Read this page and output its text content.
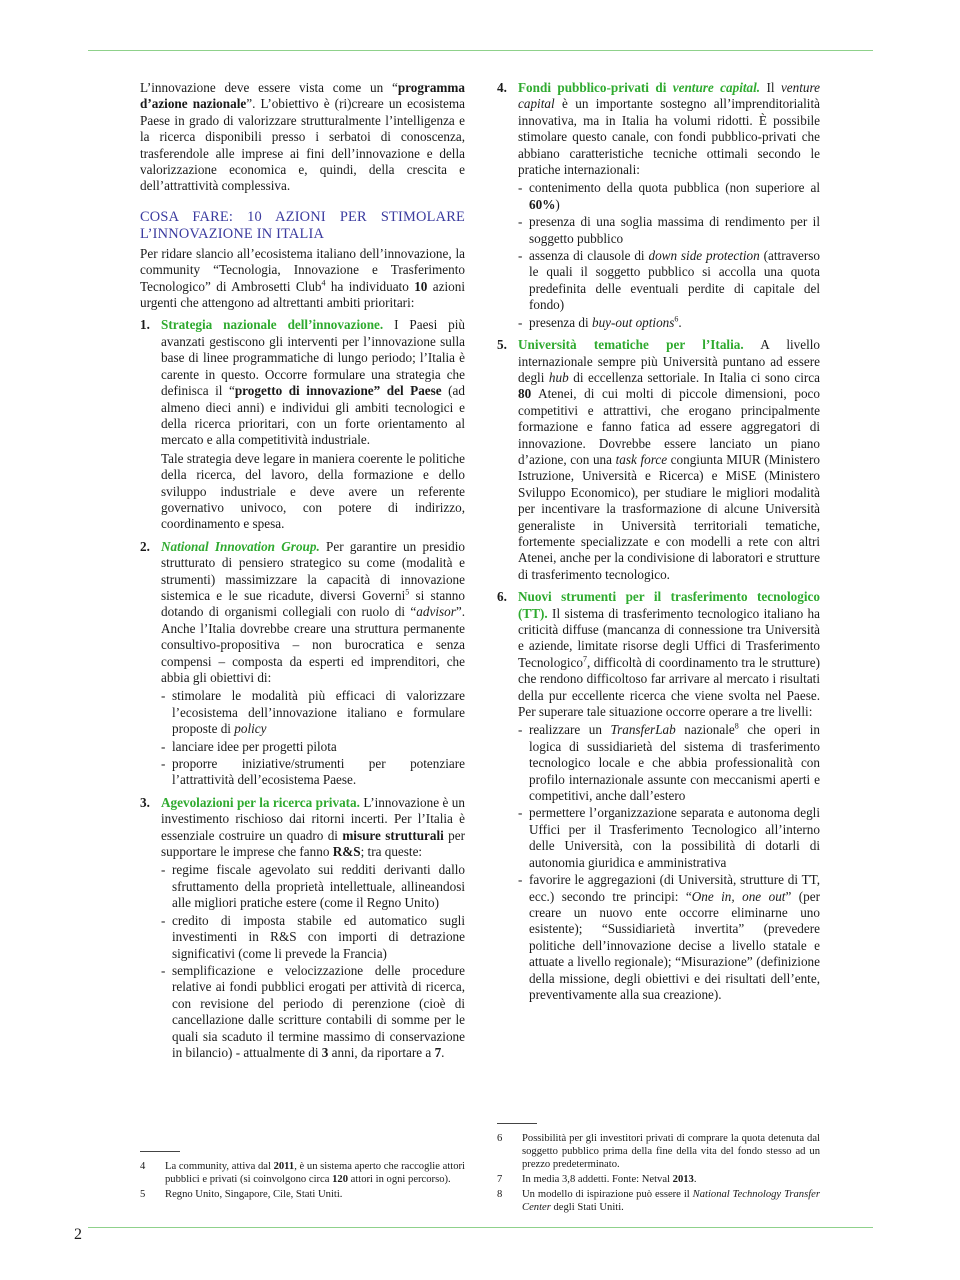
L’innovazione deve essere vista come un “programma d’azione nazionale”. L’obiettivo è (ri)creare un ecosistema Paese in grado di valorizzare strutturalmente l’intelligenza e la ricerca disponibili presso i serbatoi di conoscenza, trasferendole alle imprese ai fini dell’innovazione e della valorizzazione economica e, quindi, della crescita e dell’attrattività complessiva.

COSA FARE: 10 AZIONI PER STIMOLARE L’INNOVAZIONE IN ITALIA

Per ridare slancio all’ecosistema italiano dell’innovazione, la community “Tecnologia, Innovazione e Trasferimento Tecnologico” di Ambrosetti Club$^4$ ha individuato 10 azioni urgenti che attengono ad altrettanti ambiti prioritari:

1. Strategia nazionale dell’innovazione. I Paesi più avanzati gestiscono gli interventi per l’innovazione sulla base di linee programmatiche di lungo periodo; l’Italia è carente in questo. Occorre formulare una strategia che definisca il “progetto di innovazione” del Paese (ad almeno dieci anni) e individui gli ambiti tecnologici e della ricerca prioritari, con un forte orientamento al mercato e alla competitività industriale.

Tale strategia deve legare in maniera coerente le politiche della ricerca, del lavoro, della formazione e dello sviluppo industriale e deve avere un referente governativo univoco, con potere di indirizzo, coordinamento e spesa.

2. National Innovation Group. Per garantire un presidio strutturato di pensiero strategico su come (modalità e strumenti) massimizzare la capacità di innovazione sistemica e le sue ricadute, diversi Governi$^5$ si stanno dotando di organismi collegiali con ruolo di “advisor”. Anche l’Italia dovrebbe creare una struttura permanente consultivo-propositiva – non burocratica e senza compensi – composta da esperti ed imprenditori, che abbia gli obiettivi di:

- stimolare le modalità più efficaci di valorizzare l’ecosistema dell’innovazione italiano e formulare proposte di policy
- lanciare idee per progetti pilota
- proporre iniziative/strumenti per potenziare l’attrattività dell’ecosistema Paese.
3. Agevolazioni per la ricerca privata. L’innovazione è un investimento rischioso dai ritorni incerti. Per l’Italia è essenziale costruire un quadro di misure strutturali per supportare le imprese che fanno R&S; tra queste:

- regime fiscale agevolato sui redditi derivanti dallo sfruttamento della proprietà intellettuale, allineandosi alle migliori pratiche estere (come il Regno Unito)
- credito di imposta stabile ed automatico sugli investimenti in R&S con importi di detrazione significativi (come li prevede la Francia)
- semplificazione e velocizzazione delle procedure relative ai fondi pubblici erogati per attività di ricerca, con revisione del periodo di perenzione (cioè di cancellazione dalle scritture contabili di somme per le quali sia scaduto il termine massimo di conservazione in bilancio) - attualmente di 3 anni, da riportare a 7.
4. Fondi pubblico-privati di venture capital. Il venture capital è un importante sostegno all’imprenditorialità innovativa, ma in Italia ha volumi ridotti. È possibile stimolare questo canale, con fondi pubblico-privati che abbiano caratteristiche tecniche ottimali secondo le pratiche internazionali:

- contenimento della quota pubblica (non superiore al 60%)
- presenza di una soglia massima di rendimento per il soggetto pubblico
- assenza di clausole di down side protection (attraverso le quali il soggetto pubblico si accolla una quota predefinita delle eventuali perdite di capitale del fondo)
- presenza di buy-out options$^6$.
5. Università tematiche per l’Italia. A livello internazionale sempre più Università puntano ad essere degli hub di eccellenza settoriale. In Italia ci sono circa 80 Atenei, di cui molti di piccole dimensioni, poco competitivi e attrattivi, che erogano principalmente formazione e fanno fatica ad essere aggregatori di innovazione. Dovrebbe essere lanciato un piano d’azione, con una task force congiunta MIUR (Ministero Istruzione, Università e Ricerca) e MiSE (Ministero Sviluppo Economico), per studiare le migliori modalità per incentivare la trasformazione di alcune Università generaliste in Università territoriali tematiche, fortemente specializzate e con modelli a rete con altri Atenei, anche per la condivisione di laboratori e strutture di trasferimento tecnologico.

6. Nuovi strumenti per il trasferimento tecnologico (TT). Il sistema di trasferimento tecnologico italiano ha criticità diffuse (mancanza di connessione tra Università e aziende, limitate risorse degli Uffici di Trasferimento Tecnologico$^7$, difficoltà di coordinamento tra le strutture) che rendono difficoltoso far arrivare al mercato i risultati della pur eccellente ricerca che viene svolta nel Paese. Per superare tale situazione occorre operare a tre livelli:

- realizzare un TransferLab nazionale$^8$ che operi in logica di sussidiarietà del sistema di trasferimento tecnologico locale e che abbia professionalità con profilo internazionale assunte con meccanismi aperti e competitivi, anche dall’estero
- permettere l’organizzazione separata e autonoma degli Uffici per il Trasferimento Tecnologico all’interno delle Università, con la possibilità di dotarli di autonomia giuridica e amministrativa
- favorire le aggregazioni (di Università, strutture di TT, ecc.) secondo tre principi: “One in, one out” (per creare un nuovo ente occorre eliminarne uno esistente); “Sussidiarietà invertita” (prevedere politiche dell’innovazione decise a livello statale e attuate a livello regionale); “Misurazione” (definizione della missione, degli obiettivi e dei risultati dell’ente, preventivamente alla sua creazione).
4 La community, attiva dal 2011, è un sistema aperto che raccoglie attori pubblici e privati (si coinvolgono circa 120 attori in ogni percorso).
5 Regno Unito, Singapore, Cile, Stati Uniti.
6 Possibilità per gli investitori privati di comprare la quota detenuta dal soggetto pubblico prima della fine della vita del fondo stesso ad un prezzo predeterminato.
7 In media 3,8 addetti. Fonte: Netval 2013.
8 Un modello di ispirazione può essere il National Technology Transfer Center degli Stati Uniti.
2
